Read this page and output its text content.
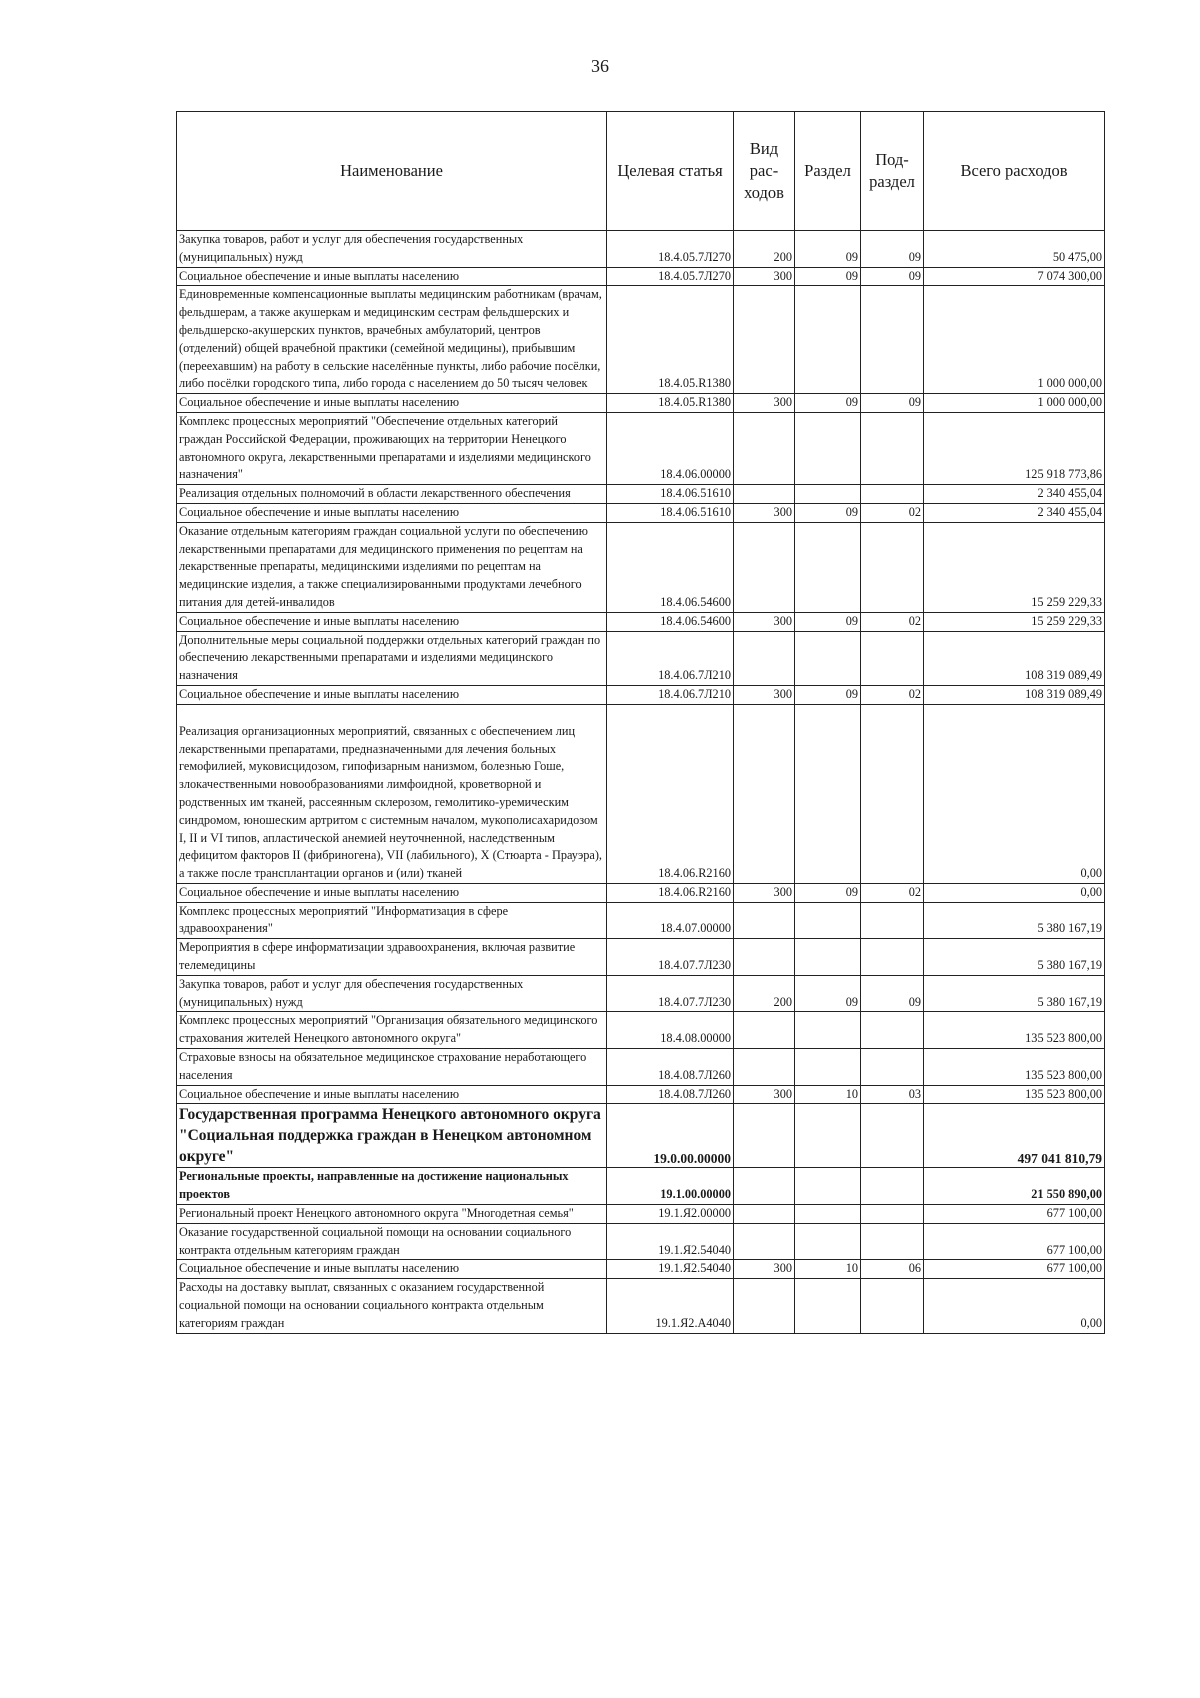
36
Наименование	Целевая статья	Вид рас-ходов	Раздел	Под-раздел	Всего расходов
Закупка товаров, работ и услуг для обеспечения государственных (муниципальных) нужд	18.4.05.7Л270	200	09	09	50 475,00
Социальное обеспечение и иные выплаты населению	18.4.05.7Л270	300	09	09	7 074 300,00
Единовременные компенсационные выплаты медицинским работникам (врачам, фельдшерам, а также акушеркам и медицинским сестрам фельдшерских и фельдшерско-акушерских пунктов, врачебных амбулаторий, центров (отделений) общей врачебной практики (семейной медицины), прибывшим (переехавшим) на работу в сельские населённые пункты, либо рабочие посёлки, либо посёлки городского типа, либо города с населением до 50 тысяч человек	18.4.05.R1380				1 000 000,00
Социальное обеспечение и иные выплаты населению	18.4.05.R1380	300	09	09	1 000 000,00
Комплекс процессных мероприятий "Обеспечение отдельных категорий граждан Российской Федерации, проживающих на территории Ненецкого автономного округа, лекарственными препаратами и изделиями медицинского назначения"	18.4.06.00000				125 918 773,86
Реализация отдельных полномочий в области лекарственного обеспечения	18.4.06.51610				2 340 455,04
Социальное обеспечение и иные выплаты населению	18.4.06.51610	300	09	02	2 340 455,04
Оказание отдельным категориям граждан социальной услуги по обеспечению лекарственными препаратами для медицинского применения по рецептам на лекарственные препараты, медицинскими изделиями по рецептам на медицинские изделия, а также специализированными продуктами лечебного питания для детей-инвалидов	18.4.06.54600				15 259 229,33
Социальное обеспечение и иные выплаты населению	18.4.06.54600	300	09	02	15 259 229,33
Дополнительные меры социальной поддержки отдельных категорий граждан по обеспечению лекарственными препаратами и изделиями медицинского назначения	18.4.06.7Л210				108 319 089,49
Социальное обеспечение и иные выплаты населению	18.4.06.7Л210	300	09	02	108 319 089,49
Реализация организационных мероприятий, связанных с обеспечением лиц лекарственными препаратами, предназначенными для лечения больных гемофилией, муковисцидозом, гипофизарным нанизмом, болезнью Гоше, злокачественными новообразованиями лимфоидной, кроветворной и родственных им тканей, рассеянным склерозом, гемолитико-уремическим синдромом, юношеским артритом с системным началом, мукополисахаридозом I, II и VI типов, апластической анемией неуточненной, наследственным дефицитом факторов II (фибриногена), VII (лабильного), X (Стюарта - Прауэра), а также после трансплантации органов и (или) тканей	18.4.06.R2160				0,00
Социальное обеспечение и иные выплаты населению	18.4.06.R2160	300	09	02	0,00
Комплекс процессных мероприятий "Информатизация в сфере здравоохранения"	18.4.07.00000				5 380 167,19
Мероприятия в сфере информатизации здравоохранения, включая развитие телемедицины	18.4.07.7Л230				5 380 167,19
Закупка товаров, работ и услуг для обеспечения государственных (муниципальных) нужд	18.4.07.7Л230	200	09	09	5 380 167,19
Комплекс процессных мероприятий "Организация обязательного медицинского страхования жителей Ненецкого автономного округа"	18.4.08.00000				135 523 800,00
Страховые взносы на обязательное медицинское страхование неработающего населения	18.4.08.7Л260				135 523 800,00
Социальное обеспечение и иные выплаты населению	18.4.08.7Л260	300	10	03	135 523 800,00
Государственная программа Ненецкого автономного округа "Социальная поддержка граждан в Ненецком автономном округе"	19.0.00.00000				497 041 810,79
Региональные проекты, направленные на достижение национальных проектов	19.1.00.00000				21 550 890,00
Региональный проект Ненецкого автономного округа "Многодетная семья"	19.1.Я2.00000				677 100,00
Оказание государственной социальной помощи на основании социального контракта отдельным категориям граждан	19.1.Я2.54040				677 100,00
Социальное обеспечение и иные выплаты населению	19.1.Я2.54040	300	10	06	677 100,00
Расходы на доставку выплат, связанных с оказанием государственной социальной помощи на основании социального контракта отдельным категориям граждан	19.1.Я2.А4040				0,00
